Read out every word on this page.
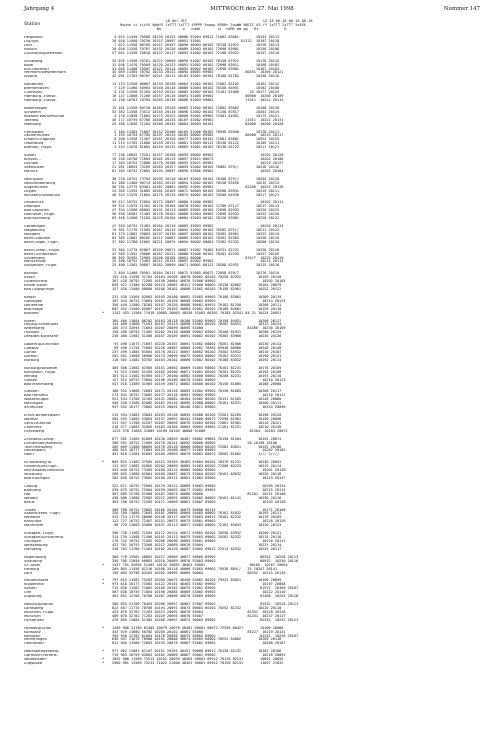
Jahrgang 4	MITTWOCH den 27. Mai 1998	Nummer 147

Station

18 Uhr UTC                                   12-18 06-18 06-18 06-18

Rowhe ii iiiVV NddfS 1sTTT 2sTTT 4PPPP 5appp 6RRRt 7wwWW 8NCCC 03 ff 1sTTT 2sTTT 5sEEE

Ns          n   nddd        ii  sGRR mm gg   Rt            R

Helgoland	4 015 11450 70508 10139 20122 40086 52004 69912 71082 83801        10153 20113
List/Sylt	20 020 11460 70230 10157 20097 40091 51001                   81222  10167 20118
Leck	7 022 11550 80705 10147 20107 40090 50003 60102 78138 82922        10178 20113
Husum	28 026 11558 70707 10132 20126 40089 52003 60102 72098 83901        10150 20108
Glücksburg/Meierwik	27 031 11558 70818 10137 20117 40093 51002 60102 72198 83922        10157 20116
Schleswig	33 035 11556 70701 10122 20099 40099 51007 60102 70158 87922        10178 20112
Kobe	12 036 11470 70509 10120 20123 40093 52002 60102 72098 83911        10168 20103
Kiel-Holtenau	31 046 11468 70507 10121 20114 40092 50002 60102 72698 83902        10167 20103
Fehmarn/Westfehmarn	35 059 11585 70702 10133 20122 40094 50001 69902               80551  10169 20121
Arkona	42 091 11762 60707 10121 20111 40103 52001 60102 70108 81702        10150 20110
Norderney	11 113 11550 80607 10139 20130 40064 51002 60102 71082 85102        10161 20112
Bremerhaven	7 129 11460 50904 10140 20118 40080 52004 60102 70158 84951        10182 20108
Cuxhaven	5 131 11558 81204 10153 20122 40083 52007 60102 71181 81000     25 10177 20124
Hamburg.-Fuhlsb.	16 147 11608 71206 10157 20116 40091 51005 69902               80900  10200 20109
Hamburg.-Fuhlsb.	14 156 16703 70704 10169 20136 40086 51003 69002               11911  10222 20113
Boltenhagen	15 161 11558 60716 10161 20128 40083 51002 60102 72882 83962        10160 20130
Schwerin	53 162 11558 73512 10155 20116 40096 52002 60102 71158 87817        10201 20119
Rostock-Warnemünde	4 170 11858 71004 10175 20122 40000 52001 69902 72581 84361        10175 20121
Teterow	46 177 16759 67706 10208 20133 40107 52002 69902               11911  10222 20131
Nienburg	25 180 11858 71104 10180 20142 40084 50003 60102               82000  10200 20128
Greifswald	2 184 11465 71007 10152 20100 40105 51006 60102 76938 85940        10178 20111
Ueckermünde	1 193 16759 67705 10197 20115 40105 50002 69902               80900  10219 20117
Emden-Flugplatz	0 200 11558 71307 10187 20120 40077 51003 60102 71081 83801        10224 20125
Oldenburg	11 215 11765 21006 10159 20111 40081 51003 60112 70138 81122        10185 20111
Bremen, Flugh.	3 224 11670 81003 10159 20132 40085 52001 60102 70138 81122        10211 20121
Soltau	77 236 16652 73201 10157 20120 40095 50002 69902                      10192 20120
Brüssel...	19 240 16758 72004 10161 20113 40097 53011 60072                      10202 20108
Lüchow	17 263 16752 72008 10176 20108 40092 53011 69902                      10219 20127
Seehausen	21 261 16654 73209 10183 20127 40093 52002 60102 76082 879//        10218 20116
Marnitz	81 264 16752 72003 10193 20097 40099 53006 69902                      10202 20104
Neuruppin	38 270 16752 73704 10195 20110 40103 52002 60102 70108 879//        10204 20120
Neubrandenburg	61 280 11460 90713 10183 20115 40094 51002 60102 70158 83920        10212 20113
Angermünde	56 291 12775 63401 10187 20081 40092 51001 69902               82206  10224 20126
Lingen	24 305 11555 31805 10181 20103 40072 50003 60102 70208 83931        10219 20111
Münster/Osnabrück	48 315 11570 71004 10175 20115 40074 50002 60102 70208 84930        10217 20121
Osnabrück	95 317 16752 72004 10172 20097 40080 51006 69902                      10192 20111
Diepholz	39 321 11575 71202 10176 20104 40078 52002 60102 71706 871/7        10217 20113
Bad Salzuflen	47 334 11560 60803 10191 20113 40082 53001 60102 72058 82933        10220 20125
Hannover, Flugh.	56 338 16582 71405 10178 20101 40080 52004 60902 72098 82932        10222 20126
Braunschweig	83 348 11566 71203 10178 20104 40084 52003 60102 70128 83901        10220 20122
Gardelegen	47 359 16752 71403 10184 20119 40089 53003 69902                      10220 20113
Magdeburg	79 361 11770 71503 10167 20114 40092 51002 60102 70282 875//        10211 20122
Potsdam	81 379 11862 70603 10197 20130 40097 50003 60102 70382 85961        10222 20119
Berlin-Dahlem	84 385 11862 80202 10211 20087 40089 52003 60102 70282 84363        10228 20118
Berlin-Tegel, Flugh.	37 382 11780 52002 10221 20074 40094 50002 60002 75382 82332        10266 20134
Berlin-Temp., Flugh.	52 384 11770 62007 10220 20071 40087 51002 70482 84231 82231        10226 20118
Berlin-Schönefeld	47 385 11552 70006 10187 20121 40088 52006 60102 70282 82293        10227 20126
Lindenberg	98 393 32992 72903 10200 20104 40091 50000                     870/7  10225 20119
Manschnow	12 396 16752 73403 10211 20123 40097 52002 69902                      10213 20113
Düsseldorf, Flugh.	25 400 11562 30807 10182 20099 40071 50001 60112 70208 82931        10215 20118
Bocholt	2 404 11460 70501 10164 20111 40072 51005 60072 72058 876/7        10176 20119
Essen	152 410 11558 31704 10164 20105 40079 50002 60102 70258 82932        10195 20130
Lüdenscheid	387 428 16752 72205 10156 20084 40076 51006 69902                      10202 20105
Kahler Asten	839 427 11386 62208 10119 20081 48421 51000 60602 70138 82602        10164 20079
Bad Lippspringe	157 430 11580 60806 10166 20101 40086 51002 60102 70158 82901        10152 20122
Kassel	231 438 11564 62002 10163 20106 40082 52003 69902 70108 83901        10209 20119
Göttingen	167 444 16752 73004 10161 20120 40090 50002 69902                      10214 20125
Leinefelde	356 449 11580 70204 10157 20120 40088 50001 69912 70182 81258        10206 20111
Braunlage	607 452 11560 62007 10137 20103 40084 51002 60102 70188 84601        10159 20110
Brocken	*	1142 453 11584 71918 10085 20063 48430 51003 60302 70184 82541 84 21 10124 20051
Artern	164 460 11684 80702 10163 20118 40100 52002 69902 70158 84931        10200 20117
Leipzig-Schkeuditz	144 469 11860 71203 10197 20119 40098 51003 60102 70282 84931        10213 20124
Wittenberg	105 474 32694 71603 10207 20099 40095 51000                     84360  10230 20109
Oschatz	150 480 16752 71402 10202 20116 40088 50002 69902 70108 81931        10206 20129
Dresden-Klotzsche	230 488 11982 31306 10187 20109 40091 50002 60102 70382 83960        10230 20126
Doberlug-Kirchhain	97 490 11675 71607 10220 20107 40091 51002 60002 70281 81966        10230 20113
Cottbus	69 496 11794 71603 10226 20087 40089 52002 70382 85948 80900        10248 20140
Görlitz	237 499 11885 61004 10176 20122 40097 50002 60102 70382 84932        10216 20107
Aachen	202 501 11688 50906 10173 20099 40072 50004 60002 70181 83231        10190 20121
Nürburg	116 503 11582 53702 10163 20102 40068 52002 60102 70188 83832        10192 20114
Nürburg/Barweiler	485 506 11682 61905 10151 20082 40069 51003 60002 70181 81231        10176 20109
Köln/Bonn, Flugh.	91 513 11582 51205 10185 20100 40071 51001 60102 70281 81231        10195 20100
Mendig	181 514 11582 61905 10177 20100 40082 54000 60002 70208 82231        10193 20110
Gießen	127 515 16752 73004 10196 20100 40070 51001 69902                      10210 20123
Bad Marienberg	547 516 11589 31905 10159 20072 40082 50000 60102 70158 81805        10188 20098
Giessen	186 532 11668 72603 10173 20110 40083 51002 69902 70158 81805        10208 20117
Bad Hersfeld	273 542 16752 73602 10177 20110 40091 50002 69902                      10216 20121
Wasserkuppe	921 544 11780 32105 10141 20082 48484 52002 60102 70151 81505        10146 20088
Meiningen	450 548 11580 62002 10161 20116 40092 52008 60002 70181 82531        10200 20111
Schmücke	937 552 16177 73002 10115 20091 48446 53011 69902                      10154 20096
Erfurt-Bindersleben	315 554 11683 33003 10163 20136 40093 52008 60102 72581 82205        10196 20120
Weimar	265 555 11682 33003 10157 20097 48441 53000 60072 72598 81901        10196 20096
Gera-Leumnitz	311 557 11788 42207 10207 20095 40076 52003 60102 72081 81901        10210 20121
Chemnitz	418 577 11683 31005 10183 20104 40003 50003 69902 71181 81231        10210 20138
Fichtelberg	1213 578 11683 31005 10199 20104 48000 51000                     81504  10184 20071
Zinnwald-Georg.	877 582 11569 61809 10130 20093 48467 50002 69802 70158 81504        10192 20074
Lichtenhain/Mittelnd.	300 591 16752 71009 10170 20141 40092 50006 60902               28 10198 20108
Trier-Petrisberg	265 609 11580 60605 10178 20110 40066 50003 60102 72582 83831        10192 20108
Deuselbach	480 615 16777 72004 10132 20100 40077 51003 69902                      10202 20102
Hahn	491 616 11584 61603 10169 20095 40079 50002 60072 70282 81802        1/// 2////
Ell.Bolzberg/Ta.	*	805 625 11482 37505 10113 20103 48462 52004 60102 70378 81231        10130 20091
Frankfurt/M.Flugh.	111 637 11682 52002 10202 20099 40083 51003 60102 72308 82233        10215 20114
Michelstadt/Vielbrunn	453 646 16752 73405 10160 20112 40085 50002 69902                      10201 20120
Würzburg	268 655 11680 62004 10189 20097 40075 52004 60102 70181 83632        10220 20118
Bad Kissingen	282 658 16752 73602 10196 20121 40081 51003 69902                      10219 20127
Coburg	322 671 16752 72004 10179 20122 40089 53003 69902                      10205 20114
Bamberg	239 675 16752 72004 10199 20092 40077 53001 69902                      10225 20114
Hof	567 685 32786 51900 10187 20074 40080 50000                     81201  10211 20108
Weiden	438 688 11680 72902 10222 20091 40081 54005 60002 70181 81141        10230 20116
Berus	363 706 16752 72205 10171 20089 40061 53007 69902                      10193 20120
Tholey	386 708 16752 73602 10166 20104 40073 50006 60142                      10171 20106
Saarbrücken, Flugh.	320 709 11680 72603 10181 20095 40069 54005 60002 70181 81832        10195 20111
Weinbiet	553 724 11775 50606 10156 20117 40079 53003 69012 70181 82232        10176 20105
Karlsruhe	112 727 16752 72407 10221 20073 40075 55001 69902                      10228 20120
Mannheim	96 729 11683 53006 10197 20113 40077 52003 60002 72181 83843        10220 20123
Stuttgart, Flugh.	396 738 11582 71204 10172 20124 40071 53003 60102 70258 83932        10200 20121
Stuttgart/Schnarrenb.	314 739 11588 71406 10191 20113 40075 54003 69002 70282 82332        10215 20118
Öhringen	276 742 16752 71502 10206 20090 40083 55001 69902                      10220 20111
Weissenburg	422 761 16752 73508 10212 20089 40076 53004                          10225 20114
Nürnberg	318 763 11780 71403 10182 20120 40087 53002 69912 72511 82332        10235 20117
Regensburg	366 776 12982 40802 10227 20089 40077 56005 69902                     80332  10228 20113
Straubing	350 788 12694 60803 10210 20089 40076 53003 69902                     80932  10230 20116
Gr. Arber	*	1437 791 32694 51403 10132 20087 48461 55001                     80102  10167 20064
Freiburg	269 803 11458 81216 10166 20118 40066 51003 69902 79538 889//   25 10207 20141
Lahr	156 805 32790 63203 10202 20095 40069 50004                     80332  10215 20110
Freudenstadt	*	797 815 11582 75203 10205 20075 48458 53002 60102 79522 85051        10190 20099
Klippeneck	*	973 818 16177 73403 10122 20101 48463 51002 69902                      10197 20088
Sohlen	714 836 11582 71802 10160 20102 40075 51001 69902                     81572  10169 20107
Ulm	567 838 16759 71004 10196 20085 40069 53002 69902                      10222 20110
Augsburg	461 852 12780 70706 10207 20096 40070 55005 69902                     81408  10225 20118
Neuburg/Donau	380 853 31780 70403 10200 20097 40081 57007 69902                     81332  10228 20111
Landsberg	622 857 11770 70706 10194 20091 40073 50003 60102 70252 81332        10220 20110
München, Flugh.	453 870 32782 71203 10223 20092 40070 55004                     81331  10228 20118
München	489 870 32782 71203 10226 20094 40078 55007                     81331  10237 20117
Fürstenzell	476 895 11684 51305 10208 20097 40074 50003 69902                     82332  10232 20121
Feldberg/Schw.	*	1490 908 31780 81405 10079 20076 48461 56001 60072 72558 86427        10106 20066
Konstanz	443 929 11680 50702 10205 20102 40061 55000                     85227  10219 20131
Kempten	705 940 12782 61004 10176 20095 40075 50002 69902                     81232  10216 20107
Memmingen	636 947 11675 70906 10191 20088 40074 55004 60902 70252 84802        10205 20118
Oberstdorf	812 948 11560 72603 10193 20078 40067 53002 69902                      10200 20107
Hohenpeissenberg	*	977 962 11681 61107 10151 20101 48451 50006 69912 70138 82132        10162 20106
Garmisch-Partenk.	719 963 16759 63003 10182 20089 40067 53001 69902                      10216 20091
Wendelstein	*	1832 966 11589 75512 10102 20039 48463 56001 69912 70128 82131        10091 20055
Zugspitze	*	2960 981 11589 75212 11022 21008 48421 56001 69912 70128 82131        11027 21032
